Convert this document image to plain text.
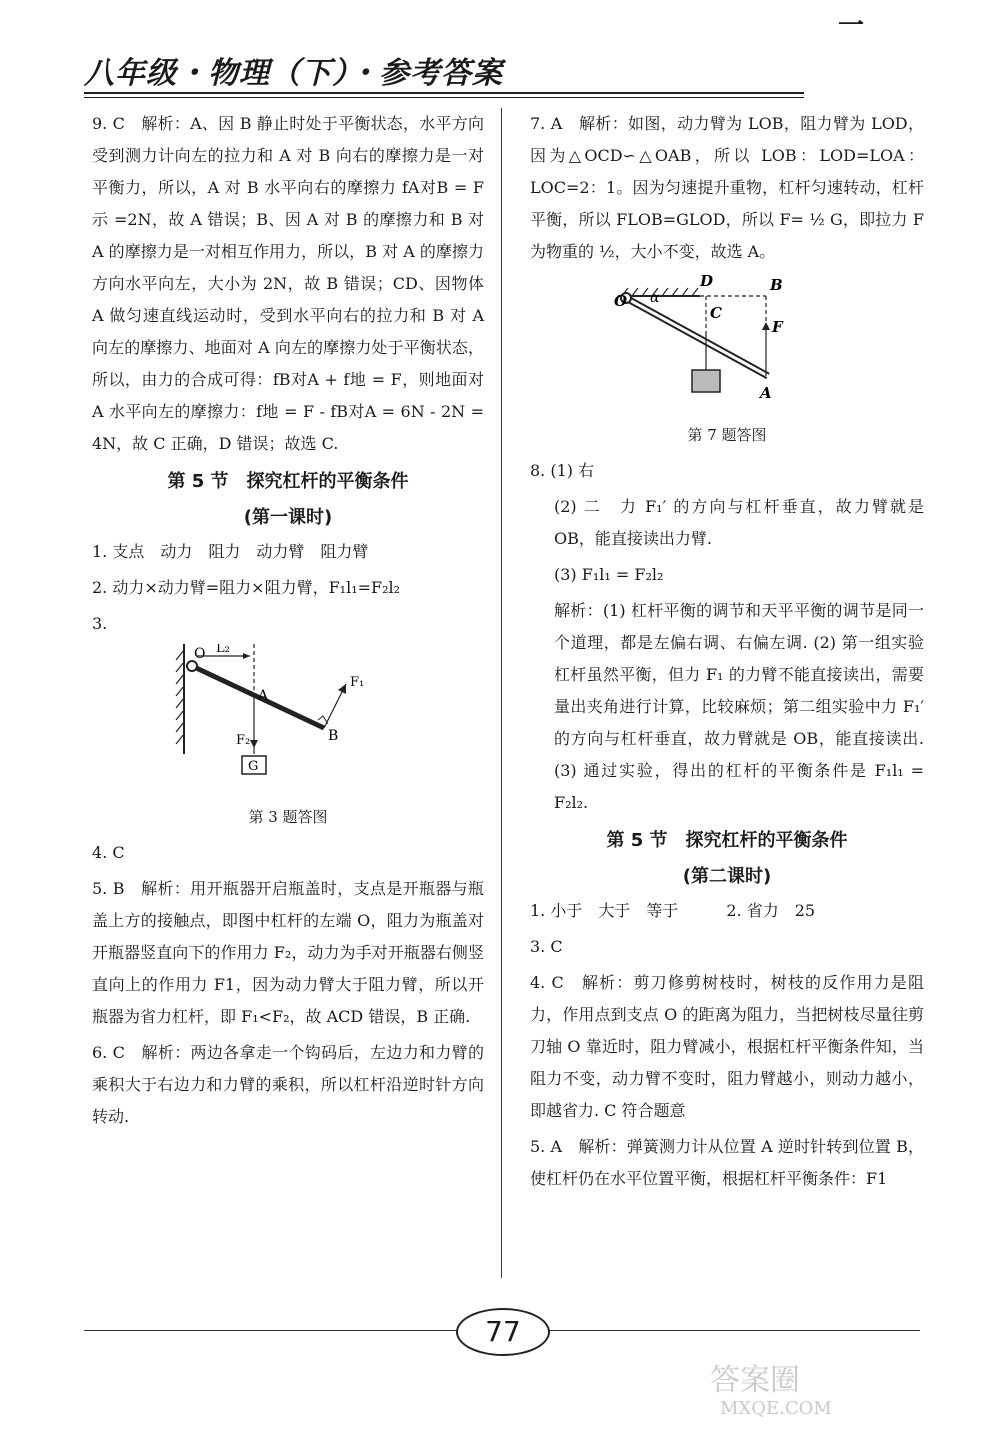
一
八年级・物理（下）・参考答案

9. C　解析：A、因 B 静止时处于平衡状态，水平方向受到测力计向左的拉力和 A 对 B 向右的摩擦力是一对平衡力，所以，A 对 B 水平向右的摩擦力 fA对B = F示 =2N，故 A 错误；B、因 A 对 B 的摩擦力和 B 对 A 的摩擦力是一对相互作用力，所以，B 对 A 的摩擦力方向水平向左，大小为 2N，故 B 错误；CD、因物体 A 做匀速直线运动时，受到水平向右的拉力和 B 对 A 向左的摩擦力、地面对 A 向左的摩擦力处于平衡状态，所以，由力的合成可得：fB对A + f地 = F，则地面对 A 水平向左的摩擦力：f地 = F - fB对A = 6N - 2N = 4N，故 C 正确，D 错误；故选 C.

第 5 节　探究杠杆的平衡条件
(第一课时)

1. 支点　动力　阻力　动力臂　阻力臂

2. 动力×动力臂=阻力×阻力臂，F₁l₁=F₂l₂

3.

O L₂
A
F₂	B
F₁
G
第 3 题答图

4. C

5. B　解析：用开瓶器开启瓶盖时，支点是开瓶器与瓶盖上方的接触点，即图中杠杆的左端 O，阻力为瓶盖对开瓶器竖直向下的作用力 F₂，动力为手对开瓶器右侧竖直向上的作用力 F1，因为动力臂大于阻力臂，所以开瓶器为省力杠杆，即 F₁<F₂，故 ACD 错误，B 正确.

6. C　解析：两边各拿走一个钩码后，左边力和力臂的乘积大于右边力和力臂的乘积，所以杠杆沿逆时针方向转动.

7. A　解析：如图，动力臂为 LOB，阻力臂为 LOD，因为△OCD∽△OAB，所以 LOB：LOD=LOA：LOC=2：1。因为匀速提升重物，杠杆匀速转动，杠杆平衡，所以 FLOB=GLOD，所以 F= ½ G，即拉力 F 为物重的 ½，大小不变，故选 A。

O α
D
C
B
F
A
第 7 题答图

8. (1) 右

(2) 二　力 F₁′ 的方向与杠杆垂直，故力臂就是 OB，能直接读出力臂.

(3) F₁l₁ = F₂l₂

解析：(1) 杠杆平衡的调节和天平平衡的调节是同一个道理，都是左偏右调、右偏左调. (2) 第一组实验杠杆虽然平衡，但力 F₁ 的力臂不能直接读出，需要量出夹角进行计算，比较麻烦；第二组实验中力 F₁′ 的方向与杠杆垂直，故力臂就是 OB，能直接读出. (3) 通过实验，得出的杠杆的平衡条件是 F₁l₁ = F₂l₂.

第 5 节　探究杠杆的平衡条件
(第二课时)

1. 小于　大于　等于　　　2. 省力　25

3. C

4. C　解析：剪刀修剪树枝时，树枝的反作用力是阻力，作用点到支点 O 的距离为阻力，当把树枝尽量往剪刀轴 O 靠近时，阻力臂减小，根据杠杆平衡条件知，当阻力不变，动力臂不变时，阻力臂越小，则动力越小，即越省力. C 符合题意

5. A　解析：弹簧测力计从位置 A 逆时针转到位置 B，使杠杆仍在水平位置平衡，根据杠杆平衡条件：F1

77
答案圈
MXQE.COM
